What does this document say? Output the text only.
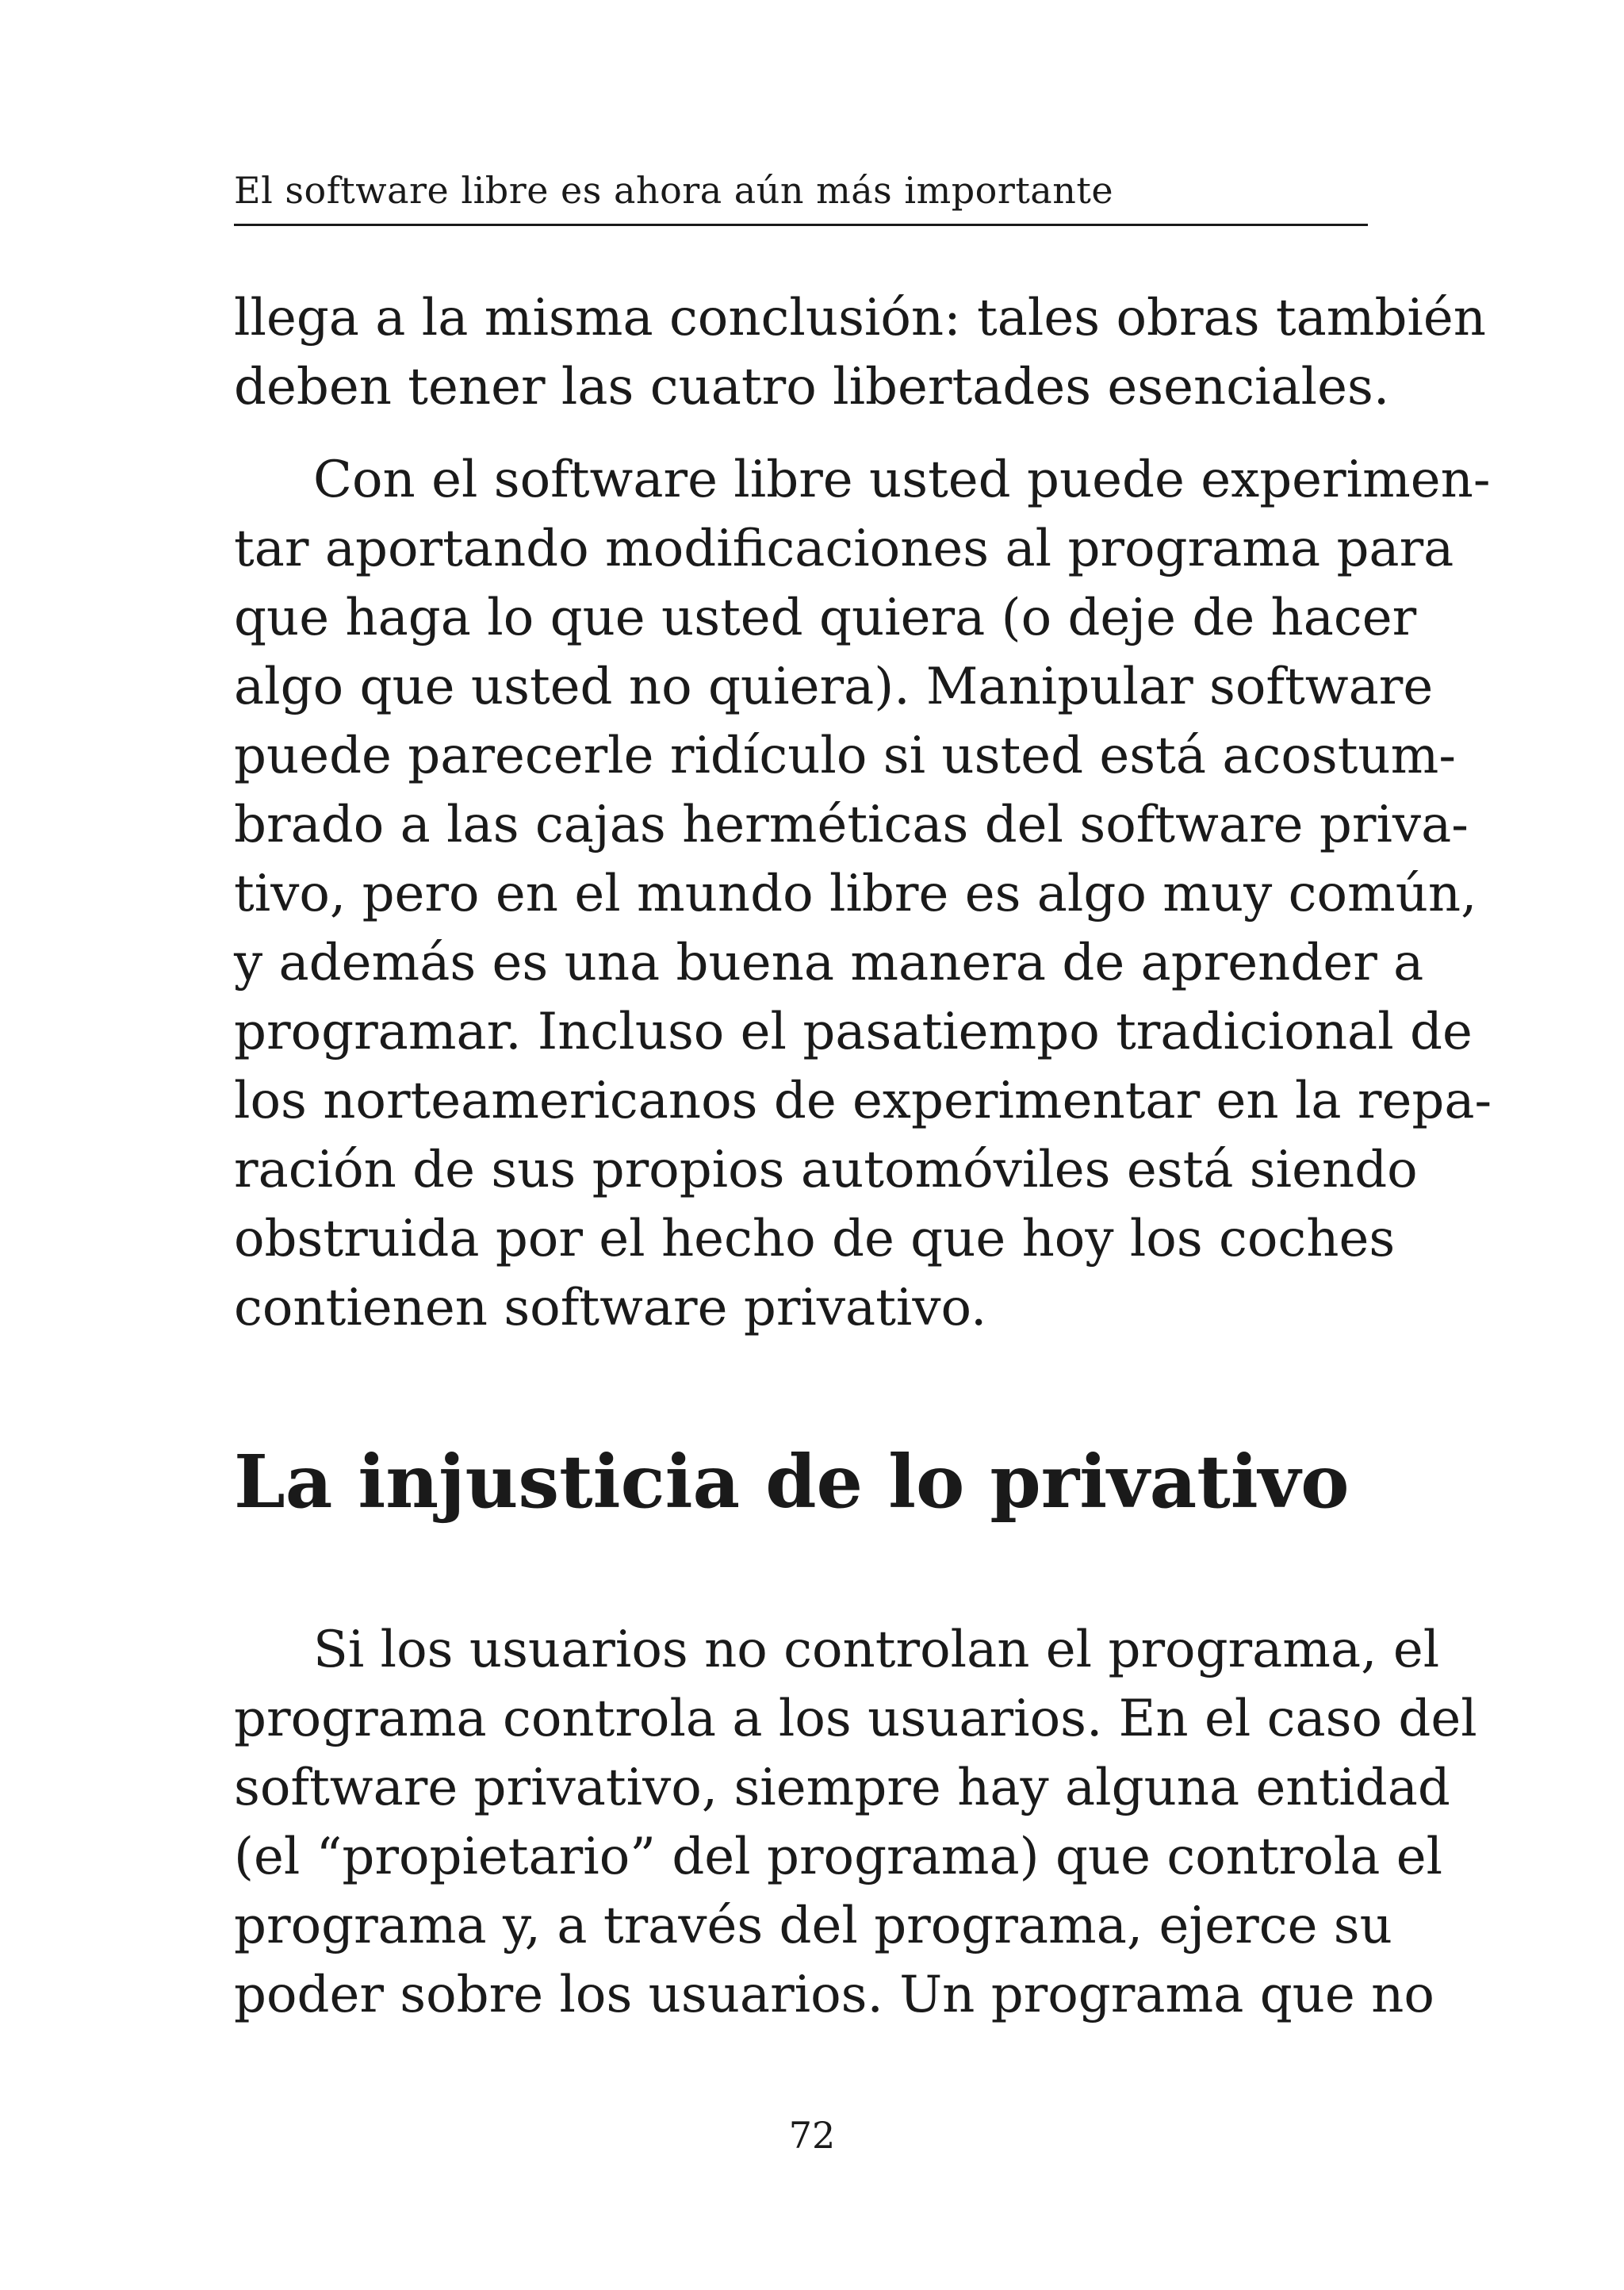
El software libre es ahora aún más importante
llega a la misma conclusión: tales obras también
deben tener las cuatro libertades esenciales.
Con el software libre usted puede experimen-
tar aportando modificaciones al programa para
que haga lo que usted quiera (o deje de hacer
algo que usted no quiera). Manipular software
puede parecerle ridículo si usted está acostum-
brado a las cajas herméticas del software priva-
tivo, pero en el mundo libre es algo muy común,
y además es una buena manera de aprender a
programar. Incluso el pasatiempo tradicional de
los norteamericanos de experimentar en la repa-
ración de sus propios automóviles está siendo
obstruida por el hecho de que hoy los coches
contienen software privativo.
La injusticia de lo privativo
Si los usuarios no controlan el programa, el
programa controla a los usuarios. En el caso del
software privativo, siempre hay alguna entidad
(el “propietario” del programa) que controla el
programa y, a través del programa, ejerce su
poder sobre los usuarios. Un programa que no
72
